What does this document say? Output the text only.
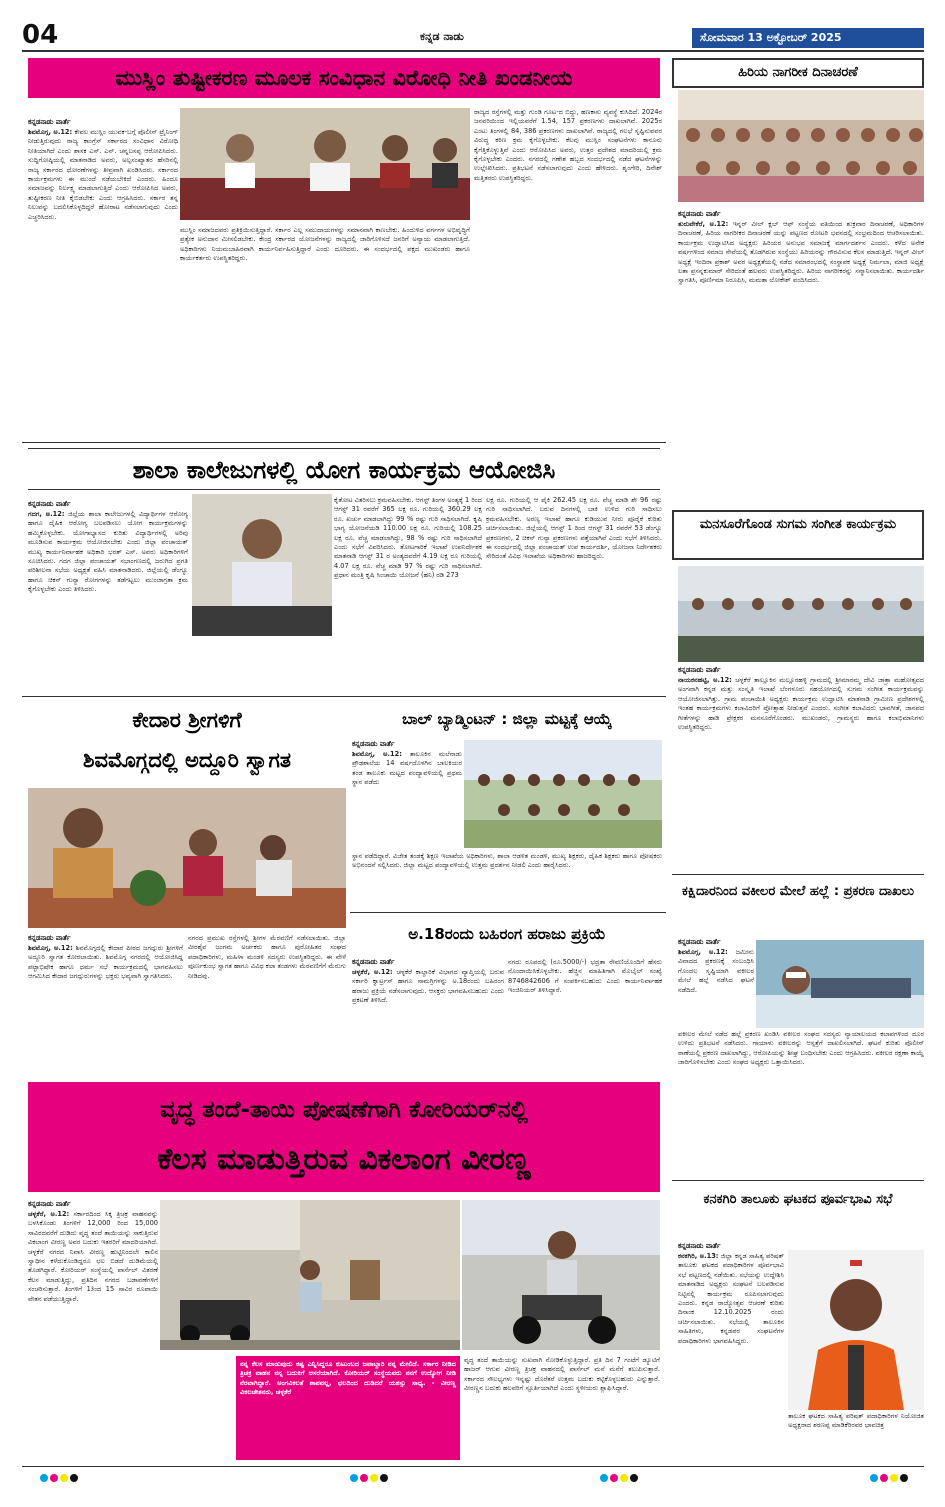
04	ಕನ್ನಡ ನಾಡು	ಸೋಮವಾರ 13 ಅಕ್ಟೋಬರ್ 2025
ಮುಸ್ಲಿಂ ತುಷ್ಟೀಕರಣ ಮೂಲಕ ಸಂವಿಧಾನ ವಿರೋಧಿ ನೀತಿ ಖಂಡನೀಯ
ಕನ್ನಡನಾಡು ವಾರ್ತೆ
ಶಿವಮೊಗ್ಗ, ಅ.12: ಕೇವಲ ಮುಸ್ಲಿಂ ಯುವಕ-ಬಗ್ಗೆ ಪೊಲೀಸ್ ಟ್ರೈನಿಂಗ್ ನೀಡುತ್ತಿರುವುದು ರಾಜ್ಯ ಕಾಂಗ್ರೆಸ್ ಸರ್ಕಾರದ ಸಂವಿಧಾನ ವಿರೋಧಿ ನೀತಿಯಾಗಿದೆ ಎಂದು ಶಾಸಕ ಎಸ್. ಎನ್. ಚನ್ನಬಸಪ್ಪ ಆರೋಪಿಸಿದರು. ಸುದ್ದಿಗೋಷ್ಠಿಯಲ್ಲಿ ಮಾತನಾಡಿದ ಅವರು, ಅಲ್ಪಸಂಖ್ಯಾತರ ಹೆಸರಿನಲ್ಲಿ ರಾಜ್ಯ ಸರ್ಕಾರದ ಧೋರಣೆಗಳನ್ನು ತೀವ್ರವಾಗಿ ಖಂಡಿಸಿದರು. ಸರ್ಕಾರದ ಕಾರ್ಯಕ್ರಮಗಳು ಈ ಮುಂದೆ ನಡೆಯಬೇಕಿದೆ ಎಂದರು. ಹಿಂದೂ ಸಮಾಜವನ್ನು ನಿರ್ಲಕ್ಷ್ಯ ಮಾಡಲಾಗುತ್ತಿದೆ ಎಂದು ಆರೋಪಿಸಿದ ಅವರು, ತುಷ್ಟೀಕರಣ ನೀತಿ ಕೈಬಿಡಬೇಕು ಎಂದು ಆಗ್ರಹಿಸಿದರು. ಸರ್ಕಾರ ತನ್ನ ನಿಲುವನ್ನು ಬದಲಿಸಿಕೊಳ್ಳದಿದ್ದರೆ ಹೋರಾಟ ನಡೆಸಲಾಗುವುದು ಎಂದು ಎಚ್ಚರಿಸಿದರು.
ಮುಸ್ಲಿಂ ಸಮಾಜದವರು ಪ್ರತಿಕ್ರಿಯಿಸುತ್ತಿದ್ದಾರೆ. ಸರ್ಕಾರ ಎಲ್ಲ ಸಮುದಾಯಗಳನ್ನು ಸಮಾನವಾಗಿ ಕಾಣಬೇಕು. ಹಿಂದುಳಿದ ವರ್ಗಗಳ ಅಭಿವೃದ್ಧಿಗೆ ಪ್ರತ್ಯೇಕ ಅನುದಾನ ಮೀಸಲಿಡಬೇಕು. ಕೇಂದ್ರ ಸರ್ಕಾರದ ಯೋಜನೆಗಳನ್ನು ರಾಜ್ಯದಲ್ಲಿ ಜಾರಿಗೊಳಿಸದೆ ಜನರಿಗೆ ಅನ್ಯಾಯ ಮಾಡಲಾಗುತ್ತಿದೆ. ಅಧಿಕಾರಿಗಳು ನಿಯಮಬಾಹಿರವಾಗಿ ಕಾರ್ಯನಿರ್ವಹಿಸುತ್ತಿದ್ದಾರೆ ಎಂದು ದೂರಿದರು. ಈ ಸಂದರ್ಭದಲ್ಲಿ ಪಕ್ಷದ ಮುಖಂಡರು ಹಾಗೂ ಕಾರ್ಯಕರ್ತರು ಉಪಸ್ಥಿತರಿದ್ದರು.
ರಾಜ್ಯದ ರಸ್ತೆಗಳಲ್ಲಿ ಮತ್ತು ಗುಂಡಿ ಗೂಟ-ದ ಬಿದ್ದು, ಹಣಕಾಸು ವ್ಯವಸ್ಥೆ ಕುಸಿದಿದೆ. 2024ರ ಜನವರಿಯಿಂದ ಇಲ್ಲಿಯವರೆಗೆ 1.54, 157 ಪ್ರಕರಣಗಳು ದಾಖಲಾಗಿವೆ. 2025ರ ಎಂಟು ತಿಂಗಳಲ್ಲಿ 84, 386 ಪ್ರಕರಣಗಳು ದಾಖಲಾಗಿವೆ. ರಾಜ್ಯದಲ್ಲಿ ಗಲಭೆ ಸೃಷ್ಟಿಸುವವರ ವಿರುದ್ಧ ಕಠಿಣ ಕ್ರಮ ಕೈಗೊಳ್ಳಬೇಕು. ಕೆಲವು ಮುಸ್ಲಿಂ ಸಂಘಟನೆಗಳು ಕಾನೂನು ಕೈಗೆತ್ತಿಕೊಳ್ಳುತ್ತಿವೆ ಎಂದು ಆರೋಪಿಸಿದ ಅವರು, ಉತ್ತರ ಪ್ರದೇಶದ ಮಾದರಿಯಲ್ಲಿ ಕ್ರಮ ಕೈಗೊಳ್ಳಬೇಕು ಎಂದರು. ನಗರದಲ್ಲಿ ಗಣೇಶ ಹಬ್ಬದ ಸಂದರ್ಭದಲ್ಲಿ ನಡೆದ ಘಟನೆಗಳನ್ನು ಉಲ್ಲೇಖಿಸಿದರು. ಪ್ರತಿಭಟನೆ ನಡೆಸಲಾಗುವುದು ಎಂದು ಹೇಳಿದರು. ಶೃಂಗೇರಿ, ದಿನೇಶ್ ಮತ್ತಿತರರು ಉಪಸ್ಥಿತರಿದ್ದರು.
ಹಿರಿಯ ನಾಗರೀಕ ದಿನಾಚರಣೆ
ಕನ್ನಡನಾಡು ವಾರ್ತೆ
ತುರುವೇಕೆರೆ, ಅ.12: ಇನ್ನರ್ ವೀಲ್ ಕ್ಲಬ್ ಆಫ್ ಸಂಸ್ಥೆಯ ವತಿಯಿಂದ ಶುಕ್ರವಾರ ದಿನಾಚರಣೆ, ಅಧಿಕಾರಿಗಳ ದಿನಾಚರಣೆ, ಹಿರಿಯ ನಾಗರೀಕರ ದಿನಾಚರಣೆ ಯನ್ನು ಪಟ್ಟಣದ ರೋಟರಿ ಭವನದಲ್ಲಿ ಸಂಭ್ರಮದಿಂದ ಆಚರಿಸಲಾಯಿತು. ಕಾರ್ಯಕ್ರಮ ಉದ್ಘಾಟಿಸಿದ ಅಧ್ಯಕ್ಷರು ಹಿರಿಯರ ಅನುಭವ ಸಮಾಜಕ್ಕೆ ಮಾರ್ಗದರ್ಶನ ಎಂದರು. ಕಳೆದ ಅನೇಕ ವರ್ಷಗಳಿಂದ ಸಮಾಜ ಸೇವೆಯಲ್ಲಿ ತೊಡಗಿರುವ ಸಂಸ್ಥೆಯು ಹಿರಿಯರನ್ನು ಗೌರವಿಸುವ ಕೆಲಸ ಮಾಡುತ್ತಿದೆ. ಇನ್ನರ್ ವೀಲ್ ಅಧ್ಯಕ್ಷೆ ಇಂದಿರಾ ಪ್ರಕಾಶ್ ಅವರ ಅಧ್ಯಕ್ಷತೆಯಲ್ಲಿ ನಡೆದ ಸಮಾರಂಭದಲ್ಲಿ ಸಂಸ್ಥಾಪಕ ಅಧ್ಯಕ್ಷೆ ನಿರ್ಮಲಾ, ಮಾಜಿ ಅಧ್ಯಕ್ಷೆ ಲತಾ ಪ್ರಸನ್ನಕುಮಾರ್ ಸೇರಿದಂತೆ ಹಲವರು ಉಪಸ್ಥಿತರಿದ್ದರು. ಹಿರಿಯ ನಾಗರೀಕರನ್ನು ಸನ್ಮಾನಿಸಲಾಯಿತು. ಕಾರ್ಯದರ್ಶಿ ಸ್ವಾಗತಿಸಿ, ಪೂರ್ಣಿಮಾ ನಿರೂಪಿಸಿ, ಮಮತಾ ಲೋಕೇಶ್ ವಂದಿಸಿದರು.
ಶಾಲಾ ಕಾಲೇಜುಗಳಲ್ಲಿ ಯೋಗ ಕಾರ್ಯಕ್ರಮ ಆಯೋಜಿಸಿ
ಕನ್ನಡನಾಡು ವಾರ್ತೆ
ಗದಗ, ಅ.12: ಜಿಲ್ಲೆಯ ಶಾಲಾ ಕಾಲೇಜುಗಳಲ್ಲಿ ವಿದ್ಯಾರ್ಥಿಗಳ ಆರೋಗ್ಯ ಹಾಗೂ ದೈಹಿಕ ಆರೋಗ್ಯ ಬಲಪಡಿಸಲು ಯೋಗ ಕಾರ್ಯಕ್ರಮಗಳನ್ನು ಹಮ್ಮಿಕೊಳ್ಳಬೇಕು. ಯೋಗಾಭ್ಯಾಸದ ಕುರಿತು ವಿದ್ಯಾರ್ಥಿಗಳಲ್ಲಿ ಅರಿವು ಮೂಡಿಸುವ ಕಾರ್ಯಕ್ರಮ ಆಯೋಜಿಸಬೇಕು ಎಂದು ಜಿಲ್ಲಾ ಪಂಚಾಯತ್ ಮುಖ್ಯ ಕಾರ್ಯನಿರ್ವಾಹಕ ಅಧಿಕಾರಿ ಭರತ್ ಎಸ್. ಅವರು ಅಧಿಕಾರಿಗಳಿಗೆ ಸೂಚಿಸಿದರು. ಗದಗ ಜಿಲ್ಲಾ ಪಂಚಾಯತ್ ಸಭಾಂಗಣದಲ್ಲಿ ಜರುಗಿದ ಪ್ರಗತಿ ಪರಿಶೀಲನಾ ಸಭೆಯ ಅಧ್ಯಕ್ಷತೆ ವಹಿಸಿ ಮಾತನಾಡಿದರು. ಜಿಲ್ಲೆಯಲ್ಲಿ ಡೆಂಗ್ಯೂ ಹಾಗೂ ಚಿಕನ್ ಗುನ್ಯಾ ರೋಗಗಳನ್ನು ತಡೆಗಟ್ಟಲು ಮುಂಜಾಗ್ರತಾ ಕ್ರಮ ಕೈಗೊಳ್ಳಬೇಕು ಎಂದು ತಿಳಿಸಿದರು.
ಕೈತೋಟ ವಿತರಿಸಲು ಕ್ರಮವಹಿಸಬೇಕು. ಆಗಸ್ಟ್ ತಿಂಗಳ ಅಂತ್ಯಕ್ಕೆ 1 ರಿಂದ ಆಗಸ್ಟ್ 31 ರವರೆಗೆ 365 ಲಕ್ಷ ರೂ. ಗುರಿಯಲ್ಲಿ 360.29 ಲಕ್ಷ ರೂ. ಖರ್ಚು ಮಾಡಲಾಗಿದ್ದು 99 % ರಷ್ಟು ಗುರಿ ಸಾಧಿಸಲಾಗಿದೆ. ಕೃಷಿ ಭಾಗ್ಯ ಯೋಜನೆಯಡಿ 110.00 ಲಕ್ಷ ರೂ. ಗುರಿಯಲ್ಲಿ 108.25 ಲಕ್ಷ ರೂ. ವೆಚ್ಚ ಮಾಡಲಾಗಿದ್ದು, 98 % ರಷ್ಟು ಗುರಿ ಸಾಧಿಸಲಾಗಿದೆ ಎಂದು ಸಭೆಗೆ ವಿವರಿಸಿದರು. ತೋಟಗಾರಿಕೆ ಇಲಾಖೆ ಉಪನಿರ್ದೇಶಕ ಮಾತನಾಡಿ ಆಗಸ್ಟ್ 31 ರ ಅಂತ್ಯದವರೆಗೆ 4.19 ಲಕ್ಷ ರೂ ಗುರಿಯಲ್ಲಿ 4.07 ಲಕ್ಷ ರೂ. ವೆಚ್ಚ ಮಾಡಿ 97 % ರಷ್ಟು ಗುರಿ ಸಾಧಿಸಲಾಗಿದೆ. ಪ್ರಧಾನ ಮಂತ್ರಿ ಕೃಷಿ ಸಿಂಚಾಯಿ ಯೋಜನೆ (ಹನಿ) ರಡಿ 273
ಲಕ್ಷ ರೂ. ಗುರಿಯಲ್ಲಿ ಆ ಪೈಕಿ 262.45 ಲಕ್ಷ ರೂ. ವೆಚ್ಚ ಮಾಡಿ ಶೇ 96 ರಷ್ಟು ಗುರಿ ಸಾಧಿಸಲಾಗಿದೆ. ಬರುವ ದಿನಗಳಲ್ಲಿ ಬಾಕಿ ಉಳಿದ ಗುರಿ ಸಾಧಿಸಲು ಕ್ರಮವಹಿಸಬೇಕು. ಅರಣ್ಯ ಇಲಾಖೆ ಹಾಗೂ ಕುಡಿಯುವ ನೀರು ಪೂರೈಕೆ ಕುರಿತು ಚರ್ಚಿಸಲಾಯಿತು. ಜಿಲ್ಲೆಯಲ್ಲಿ ಆಗಸ್ಟ್ 1 ರಿಂದ ಆಗಸ್ಟ್ 31 ರವರೆಗೆ 53 ಡೆಂಗ್ಯೂ ಪ್ರಕರಣಗಳು, 2 ಚಿಕನ್ ಗುನ್ಯಾ ಪ್ರಕರಣಗಳು ಪತ್ತೆಯಾಗಿವೆ ಎಂದು ಸಭೆಗೆ ತಿಳಿಸಿದರು. ಈ ಸಂದರ್ಭದಲ್ಲಿ ಜಿಲ್ಲಾ ಪಂಚಾಯತ್ ಉಪ ಕಾರ್ಯದರ್ಶಿ, ಯೋಜನಾ ನಿರ್ದೇಶಕರು ಸೇರಿದಂತೆ ವಿವಿಧ ಇಲಾಖೆಯ ಅಧಿಕಾರಿಗಳು ಹಾಜರಿದ್ದರು.
ಮನಸೂರೆಗೊಂಡ ಸುಗಮ ಸಂಗೀತ ಕಾರ್ಯಕ್ರಮ
ಕನ್ನಡನಾಡು ವಾರ್ತೆ
ನಾಯಕನಹಟ್ಟಿ, ಅ.12: ಚಳ್ಳಕೆರೆ ತಾಲ್ಲೂಕಿನ ಮಲ್ಲೂರಹಳ್ಳಿ ಗ್ರಾಮದಲ್ಲಿ ಶ್ರೀಮಾರಮ್ಮ ದೇವಿ ಜಾತ್ರಾ ಮಹೋತ್ಸವದ ಅಂಗವಾಗಿ ಕನ್ನಡ ಮತ್ತು ಸಂಸ್ಕೃತಿ ಇಲಾಖೆ ಬೆಂಗಳೂರು ಸಹಯೋಗದಲ್ಲಿ ಸುಗಮ ಸಂಗೀತ ಕಾರ್ಯಕ್ರಮವನ್ನು ಆಯೋಜಿಸಲಾಗಿತ್ತು. ಗ್ರಾಮ ಪಂಚಾಯಿತಿ ಅಧ್ಯಕ್ಷರು ಕಾರ್ಯಕ್ರಮ ಉದ್ಘಾಟಿಸಿ ಮಾತನಾಡಿ ಗ್ರಾಮೀಣ ಪ್ರದೇಶಗಳಲ್ಲಿ ಇಂತಹ ಕಾರ್ಯಕ್ರಮಗಳು ಕಲಾವಿದರಿಗೆ ಪ್ರೋತ್ಸಾಹ ನೀಡುತ್ತವೆ ಎಂದರು. ಸಂಗೀತ ಕಲಾವಿದರು ಭಾವಗೀತೆ, ಜಾನಪದ ಗೀತೆಗಳನ್ನು ಹಾಡಿ ಪ್ರೇಕ್ಷಕರ ಮನಸೂರೆಗೊಂಡರು. ಮುಖಂಡರು, ಗ್ರಾಮಸ್ಥರು ಹಾಗೂ ಕಲಾಭಿಮಾನಿಗಳು ಉಪಸ್ಥಿತರಿದ್ದರು.
ಕೇದಾರ ಶ್ರೀಗಳಿಗೆ
ಶಿವಮೊಗ್ಗದಲ್ಲಿ ಅದ್ದೂರಿ ಸ್ವಾಗತ
ಕನ್ನಡನಾಡು ವಾರ್ತೆ
ಶಿವಮೊಗ್ಗ, ಅ.12: ಶಿವಮೊಗ್ಗದಲ್ಲಿ ಕೇದಾರ ಪೀಠದ ಜಗದ್ಗುರು ಶ್ರೀಗಳಿಗೆ ಅದ್ದೂರಿ ಸ್ವಾಗತ ಕೋರಲಾಯಿತು. ಶಿವಮೊಗ್ಗ ನಗರದಲ್ಲಿ ಆಯೋಜಿಸಿದ್ದ ಪಟ್ಟಾಭಿಷೇಕ ಹಾಗೂ ಧರ್ಮ ಸಭೆ ಕಾರ್ಯಕ್ರಮದಲ್ಲಿ ಭಾಗವಹಿಸಲು ಆಗಮಿಸಿದ ಕೇದಾರ ಜಗದ್ಗುರುಗಳನ್ನು ಭಕ್ತರು ಭವ್ಯವಾಗಿ ಸ್ವಾಗತಿಸಿದರು.
ನಗರದ ಪ್ರಮುಖ ರಸ್ತೆಗಳಲ್ಲಿ ಶ್ರೀಗಳ ಮೆರವಣಿಗೆ ನಡೆಸಲಾಯಿತು. ಜಿಲ್ಲಾ ವೀರಶೈವ ಜಂಗಮ ಅರ್ಚಕರು ಹಾಗೂ ಪುರೋಹಿತರ ಸಂಘದ ಪದಾಧಿಕಾರಿಗಳು, ಮಹಿಳಾ ಮಂಡಳಿ ಸದಸ್ಯರು ಉಪಸ್ಥಿತರಿದ್ದರು. ಈ ವೇಳೆ ಪೂರ್ಣಕುಂಭ ಸ್ವಾಗತ ಹಾಗೂ ವಿವಿಧ ಕಲಾ ತಂಡಗಳು ಮೆರವಣಿಗೆಗೆ ಮೆರುಗು ನೀಡಿದವು.
ಬಾಲ್ ಬ್ಯಾಡ್ಮಿಂಟನ್ : ಜಿಲ್ಲಾ ಮಟ್ಟಕ್ಕೆ ಆಯ್ಕೆ
ಕನ್ನಡನಾಡು ವಾರ್ತೆ
ಶಿವಮೊಗ್ಗ, ಅ.12: ತಾಲೂಕಿನ ಮಲೆನಾಡು ಪ್ರೌಢಶಾಲೆಯ 14 ವರ್ಷದೊಳಗಿನ ಬಾಲಕಿಯರ ತಂಡ ತಾಲೂಕು ಮಟ್ಟದ ಪಂದ್ಯಾವಳಿಯಲ್ಲಿ ಪ್ರಥಮ ಸ್ಥಾನ ಪಡೆದು
ಸ್ಥಾನ ಪಡೆದಿದ್ದಾರೆ. ವಿಜೇತ ತಂಡಕ್ಕೆ ಶಿಕ್ಷಣ ಇಲಾಖೆಯ ಅಧಿಕಾರಿಗಳು, ಶಾಲಾ ಆಡಳಿತ ಮಂಡಳಿ, ಮುಖ್ಯ ಶಿಕ್ಷಕರು, ದೈಹಿಕ ಶಿಕ್ಷಕರು ಹಾಗೂ ಪೋಷಕರು ಅಭಿನಂದನೆ ಸಲ್ಲಿಸಿದರು. ಜಿಲ್ಲಾ ಮಟ್ಟದ ಪಂದ್ಯಾವಳಿಯಲ್ಲಿ ಉತ್ತಮ ಪ್ರದರ್ಶನ ನೀಡಲಿ ಎಂದು ಹಾರೈಸಿದರು.
ಅ.18ರಂದು ಬಹಿರಂಗ ಹರಾಜು ಪ್ರಕ್ರಿಯೆ
ಕನ್ನಡನಾಡು ವಾರ್ತೆ
ಚಳ್ಳಕೆರೆ, ಅ.12: ಚಳ್ಳಕೆರೆ ಕಾಲ್ದಾರಿಕೆ ವಿಭಾಗದ ವ್ಯಾಪ್ತಿಯಲ್ಲಿ ಬರುವ ಸರ್ಕಾರಿ ಕ್ವಾರ್ಟ್ರಸ್ ಹಾಗೂ ಸಾಮಗ್ರಿಗಳನ್ನು ಅ.18ರಂದು ಬಹಿರಂಗ ಹರಾಜು ಪ್ರಕ್ರಿಯೆ ನಡೆಸಲಾಗುವುದು. ಆಸಕ್ತರು ಭಾಗವಹಿಸಬಹುದು ಎಂದು ಪ್ರಕಟಣೆ ತಿಳಿಸಿದೆ.
ನಗದು ರೂಪದಲ್ಲಿ (ರೂ.5000/-) ಭದ್ರತಾ ಠೇವಣಿಯೊಂದಿಗೆ ಹೆಸರು ನೊಂದಾಯಿಸಿಕೊಳ್ಳಬೇಕು. ಹೆಚ್ಚಿನ ಮಾಹಿತಿಗಾಗಿ ಮೊಬೈಲ್ ಸಂಖ್ಯೆ 8746842606 ಗೆ ಸಂಪರ್ಕಿಸಬಹುದು ಎಂದು ಕಾರ್ಯನಿರ್ವಾಹಕ ಇಂಜಿನಿಯರ್ ತಿಳಿಸಿದ್ದಾರೆ.
ಕಕ್ಷಿದಾರನಿಂದ ವಕೀಲರ ಮೇಲೆ ಹಲ್ಲೆ : ಪ್ರಕರಣ ದಾಖಲು
ಕನ್ನಡನಾಡು ವಾರ್ತೆ
ಶಿವಮೊಗ್ಗ, ಅ.12: ಜಮೀನು ವಿವಾದದ ಪ್ರಕರಣಕ್ಕೆ ಸಂಬಂಧಿಸಿ ಗೊಂದಲ ಸೃಷ್ಟಿಯಾಗಿ ವಕೀಲರ ಮೇಲೆ ಹಲ್ಲೆ ನಡೆಸಿದ ಘಟನೆ ನಡೆದಿದೆ.
ವಕೀಲರ ಮೇಲೆ ನಡೆದ ಹಲ್ಲೆ ಪ್ರಕರಣ ಖಂಡಿಸಿ ವಕೀಲರ ಸಂಘದ ಸದಸ್ಯರು ನ್ಯಾಯಾಲಯದ ಕಲಾಪಗಳಿಂದ ದೂರ ಉಳಿದು ಪ್ರತಿಭಟನೆ ನಡೆಸಿದರು. ಗಾಯಾಳು ವಕೀಲರನ್ನು ಆಸ್ಪತ್ರೆಗೆ ದಾಖಲಿಸಲಾಗಿದೆ. ಘಟನೆ ಕುರಿತು ಪೊಲೀಸ್ ಠಾಣೆಯಲ್ಲಿ ಪ್ರಕರಣ ದಾಖಲಾಗಿದ್ದು, ಆರೋಪಿಯನ್ನು ಶೀಘ್ರ ಬಂಧಿಸಬೇಕು ಎಂದು ಆಗ್ರಹಿಸಿದರು. ವಕೀಲರ ರಕ್ಷಣಾ ಕಾಯ್ದೆ ಜಾರಿಗೊಳಿಸಬೇಕು ಎಂದು ಸಂಘದ ಅಧ್ಯಕ್ಷರು ಒತ್ತಾಯಿಸಿದರು.
ವೃದ್ಧ ತಂದೆ-ತಾಯಿ ಪೋಷಣೆಗಾಗಿ ಕೋರಿಯರ್‌ನಲ್ಲಿ
ಕೆಲಸ ಮಾಡುತ್ತಿರುವ ವಿಕಲಾಂಗ ವೀರಣ್ಣ
ಕನ್ನಡನಾಡು ವಾರ್ತೆ
ಚಳ್ಳಕೆರೆ, ಅ.12: ಸರ್ಕಾರದಿಂದ ಸಿಕ್ಕ ತ್ರಿಚಕ್ರ ವಾಹನವನ್ನು ಬಳಸಿಕೊಂಡು ತಿಂಗಳಿಗೆ 12,000 ರಿಂದ 15,000 ಸಾವಿರದವರೆಗೆ ದುಡಿದು ವೃದ್ಧ ತಂದೆ ತಾಯಿಯನ್ನು ಸಾಕುತ್ತಿರುವ ವಿಕಲಾಂಗ ವೀರಣ್ಣ ಅವರ ಬದುಕು ಇತರರಿಗೆ ಮಾದರಿಯಾಗಿದೆ. ಚಳ್ಳಕೆರೆ ನಗರದ ನಿವಾಸಿ ವೀರಣ್ಣ ಹುಟ್ಟಿನಿಂದಲೇ ಕಾಲಿನ ಸ್ವಾಧೀನ ಕಳೆದುಕೊಂಡಿದ್ದರೂ ಛಲ ಬಿಡದೆ ದುಡಿಮೆಯಲ್ಲಿ ತೊಡಗಿದ್ದಾರೆ. ಕೋರಿಯರ್ ಸಂಸ್ಥೆಯಲ್ಲಿ ಪಾರ್ಸೆಲ್ ವಿತರಣೆ ಕೆಲಸ ಮಾಡುತ್ತಿದ್ದು, ಪ್ರತಿದಿನ ನಗರದ ಬಡಾವಣೆಗಳಿಗೆ ಸಂಚರಿಸುತ್ತಾರೆ. ತಿಂಗಳಿಗೆ 13ಂದ 15 ಸಾವಿರ ರೂಪಾಯಿ ವೇತನ ಪಡೆಯುತ್ತಿದ್ದಾರೆ.
ನನ್ನ ಕೆಲಸ ಮಾಡುವುದು ಕಷ್ಟ ಎನ್ನಿಸಿದ್ದರೂ ಕುಟುಂಬದ ಜವಾಬ್ದಾರಿ ನನ್ನ ಮೇಲಿದೆ. ಸರ್ಕಾರ ನೀಡಿದ ತ್ರಿಚಕ್ರ ವಾಹನ ನನ್ನ ಬದುಕಿಗೆ ಆಸರೆಯಾಗಿದೆ. ಕೋರಿಯರ್ ಸಂಸ್ಥೆಯವರು ನನಗೆ ಉದ್ಯೋಗ ನೀಡಿ ನೆರವಾಗಿದ್ದಾರೆ. ಅಂಗವಿಕಲತೆ ಶಾಪವಲ್ಲ, ಛಲದಿಂದ ದುಡಿದರೆ ಯಶಸ್ಸು ಸಾಧ್ಯ. - ವೀರಣ್ಣ ವಿಕಲಚೇತನರು, ಚಳ್ಳಕೆರೆ
ವೃದ್ಧ ತಂದೆ ತಾಯಿಯನ್ನು ಸುಖವಾಗಿ ನೋಡಿಕೊಳ್ಳುತ್ತಿದ್ದಾರೆ. ಪ್ರತಿ ದಿನ 7 ಗಂಟೆಗೆ ಡ್ಯೂಟಿಗೆ ಹಾಜರ್ ಆಗುವ ವೀರಣ್ಣ ತ್ರಿಚಕ್ರ ವಾಹನದಲ್ಲಿ ಪಾರ್ಸೆಲ್ ಮನೆ ಮನೆಗೆ ತಲುಪಿಸುತ್ತಾರೆ. ಸರ್ಕಾರದ ಸೌಲಭ್ಯಗಳು ಇನ್ನಷ್ಟು ದೊರೆತರೆ ಉತ್ತಮ ಬದುಕು ಕಟ್ಟಿಕೊಳ್ಳಬಹುದು ಎನ್ನುತ್ತಾರೆ. ವೀರಣ್ಣನ ಬದುಕು ಹಲವರಿಗೆ ಸ್ಫೂರ್ತಿಯಾಗಿದೆ ಎಂದು ಸ್ಥಳೀಯರು ಶ್ಲಾಘಿಸಿದ್ದಾರೆ.
ಕನಕಗಿರಿ ತಾಲೂಕು ಘಟಕದ ಪೂರ್ವಭಾವಿ ಸಭೆ
ಕನ್ನಡನಾಡು ವಾರ್ತೆ
ಕನಕಗಿರಿ, ಅ.13: ಜಿಲ್ಲಾ ಕನ್ನಡ ಸಾಹಿತ್ಯ ಪರಿಷತ್ ತಾಲೂಕು ಘಟಕದ ಪದಾಧಿಕಾರಿಗಳ ಪೂರ್ವಭಾವಿ ಸಭೆ ಪಟ್ಟಣದಲ್ಲಿ ನಡೆಯಿತು. ಸಭೆಯನ್ನು ಉದ್ದೇಶಿಸಿ ಮಾತನಾಡಿದ ಅಧ್ಯಕ್ಷರು ಸಂಘಟನೆ ಬಲಪಡಿಸುವ ನಿಟ್ಟಿನಲ್ಲಿ ಕಾರ್ಯಕ್ರಮ ರೂಪಿಸಲಾಗುವುದು ಎಂದರು. ಕನ್ನಡ ರಾಜ್ಯೋತ್ಸವ ಆಚರಣೆ ಕುರಿತು ದಿನಾಂಕ 12.10.2025 ರಂದು ಚರ್ಚಿಸಲಾಯಿತು. ಸಭೆಯಲ್ಲಿ ತಾಲೂಕಿನ ಸಾಹಿತಿಗಳು, ಕನ್ನಡಪರ ಸಂಘಟನೆಗಳ ಪದಾಧಿಕಾರಿಗಳು ಭಾಗವಹಿಸಿದ್ದರು.
ತಾಲೂಕ ಘಟಕದ ಸಾಹಿತ್ಯ ಪರಿಷತ್ ಪದಾಧಿಕಾರಿಗಳ ನಿಯೋಜಿತ ಅಧ್ಯಕ್ಷರಾದ ಶರಣಪ್ಪ ಮಾಡಿಕೆರಿರವರ ಭಾವಚಿತ್ರ
